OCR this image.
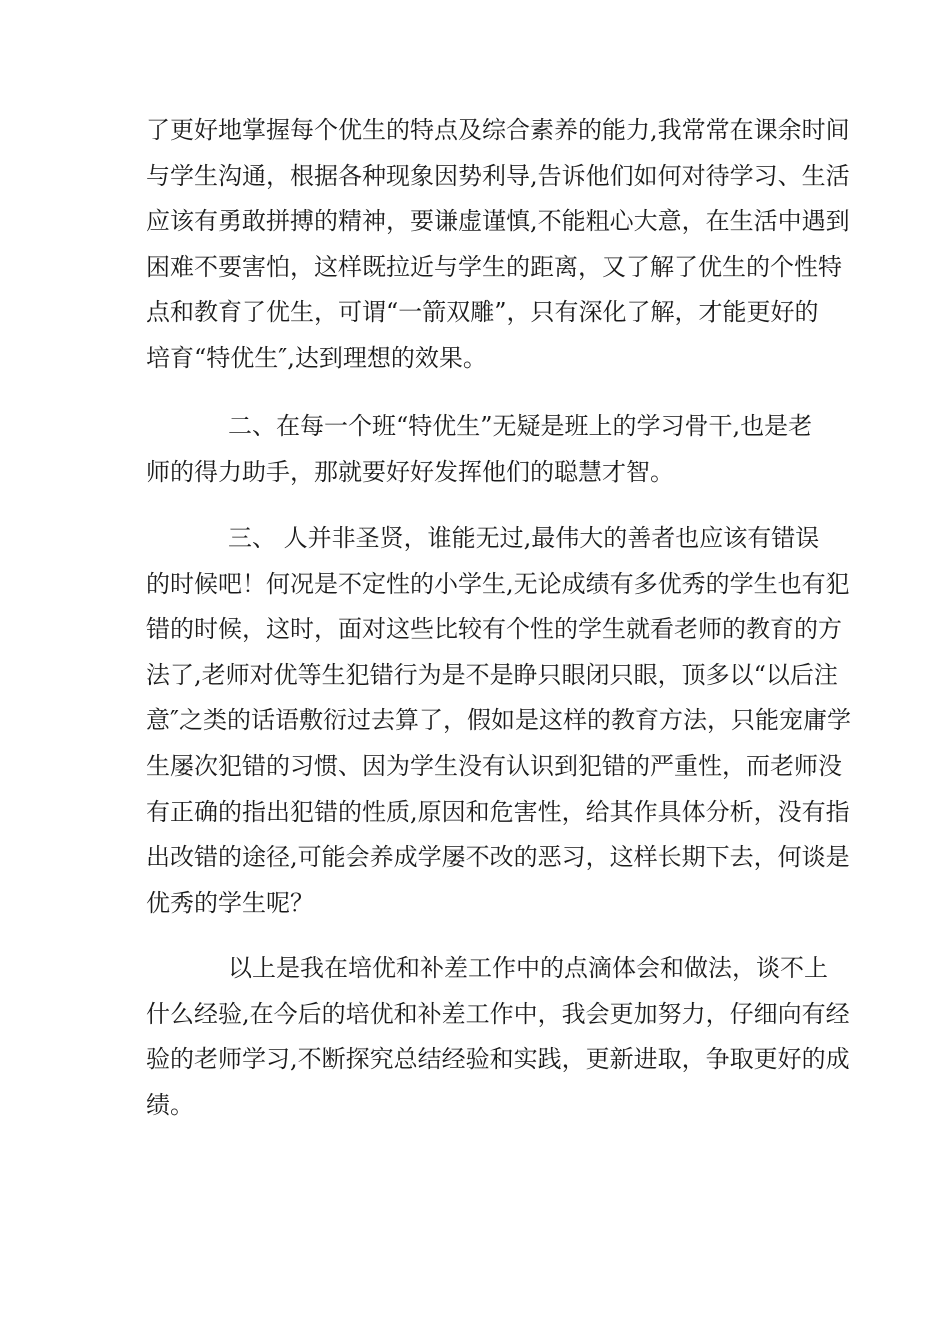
了更好地掌握每个优生的特点及综合素养的能力,我常常在课余时间
与学生沟通，根据各种现象因势利导,告诉他们如何对待学习、生活
应该有勇敢拼搏的精神，要谦虚谨慎,不能粗心大意，在生活中遇到
困难不要害怕，这样既拉近与学生的距离，又了解了优生的个性特
点和教育了优生，可谓“一箭双雕”，只有深化了解，才能更好的
培育“特优生″,达到理想的效果。
二、在每一个班“特优生”无疑是班上的学习骨干,也是老
师的得力助手，那就要好好发挥他们的聪慧才智。
三、 人并非圣贤，谁能无过,最伟大的善者也应该有错误
的时候吧！何况是不定性的小学生,无论成绩有多优秀的学生也有犯
错的时候，这时，面对这些比较有个性的学生就看老师的教育的方
法了,老师对优等生犯错行为是不是睁只眼闭只眼，顶多以“以后注
意″之类的话语敷衍过去算了，假如是这样的教育方法，只能宠庸学
生屡次犯错的习惯、因为学生没有认识到犯错的严重性，而老师没
有正确的指出犯错的性质,原因和危害性，给其作具体分析，没有指
出改错的途径,可能会养成学屡不改的恶习，这样长期下去，何谈是
优秀的学生呢？
以上是我在培优和补差工作中的点滴体会和做法，谈不上
什么经验,在今后的培优和补差工作中，我会更加努力，仔细向有经
验的老师学习,不断探究总结经验和实践，更新进取，争取更好的成
绩。
